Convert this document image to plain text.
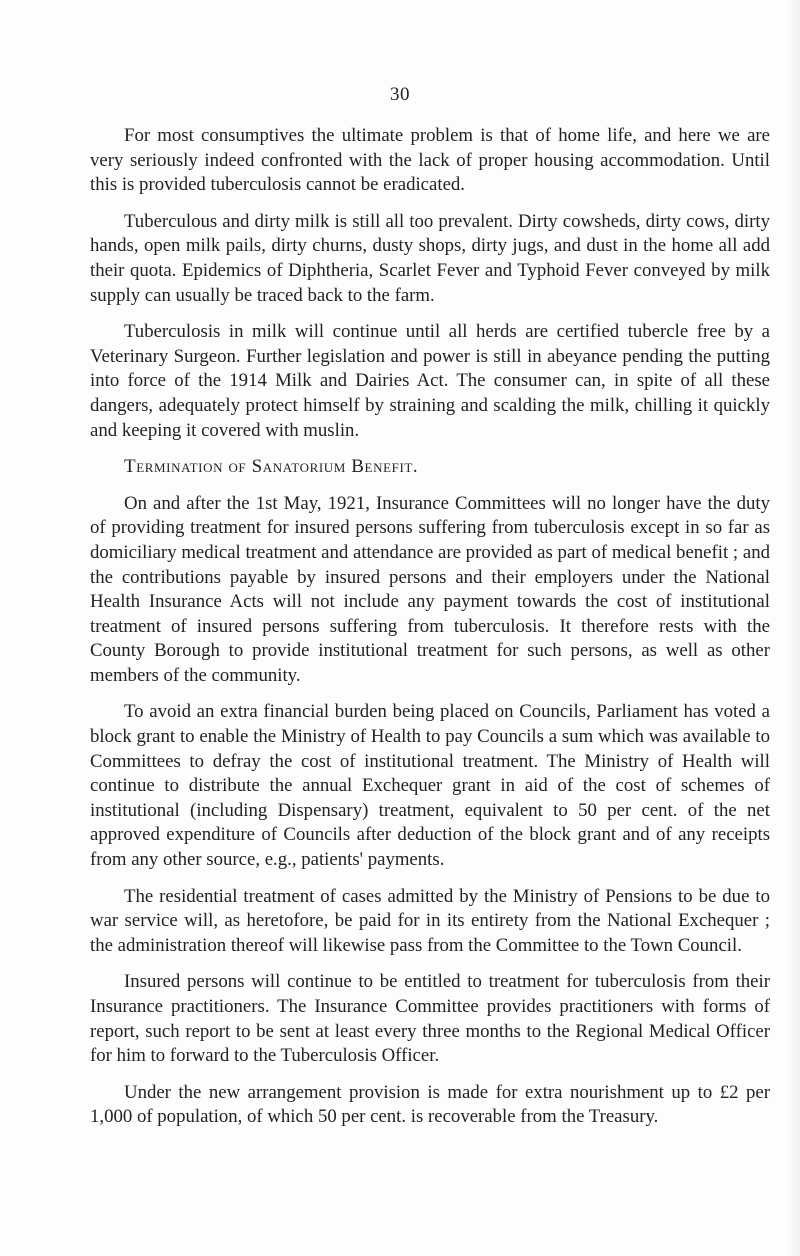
30

For most consumptives the ultimate problem is that of home life, and here we are very seriously indeed confronted with the lack of proper housing accommodation. Until this is provided tuberculosis cannot be eradicated.

Tuberculous and dirty milk is still all too prevalent. Dirty cowsheds, dirty cows, dirty hands, open milk pails, dirty churns, dusty shops, dirty jugs, and dust in the home all add their quota. Epidemics of Diphtheria, Scarlet Fever and Typhoid Fever conveyed by milk supply can usually be traced back to the farm.

Tuberculosis in milk will continue until all herds are certified tubercle free by a Veterinary Surgeon. Further legislation and power is still in abeyance pending the putting into force of the 1914 Milk and Dairies Act. The consumer can, in spite of all these dangers, adequately protect himself by straining and scalding the milk, chilling it quickly and keeping it covered with muslin.

Termination of Sanatorium Benefit.

On and after the 1st May, 1921, Insurance Committees will no longer have the duty of providing treatment for insured persons suffering from tuberculosis except in so far as domiciliary medical treatment and attendance are provided as part of medical benefit ; and the contributions payable by insured persons and their employers under the National Health Insurance Acts will not include any payment towards the cost of institutional treatment of insured persons suffering from tuberculosis. It therefore rests with the County Borough to provide institutional treatment for such persons, as well as other members of the community.

To avoid an extra financial burden being placed on Councils, Parliament has voted a block grant to enable the Ministry of Health to pay Councils a sum which was available to Committees to defray the cost of institutional treatment. The Ministry of Health will continue to distribute the annual Exchequer grant in aid of the cost of schemes of institutional (including Dispensary) treatment, equivalent to 50 per cent. of the net approved expenditure of Councils after deduction of the block grant and of any receipts from any other source, e.g., patients' payments.

The residential treatment of cases admitted by the Ministry of Pensions to be due to war service will, as heretofore, be paid for in its entirety from the National Exchequer ; the administration thereof will likewise pass from the Committee to the Town Council.

Insured persons will continue to be entitled to treatment for tuberculosis from their Insurance practitioners. The Insurance Committee provides practitioners with forms of report, such report to be sent at least every three months to the Regional Medical Officer for him to forward to the Tuberculosis Officer.

Under the new arrangement provision is made for extra nourishment up to £2 per 1,000 of population, of which 50 per cent. is recoverable from the Treasury.
